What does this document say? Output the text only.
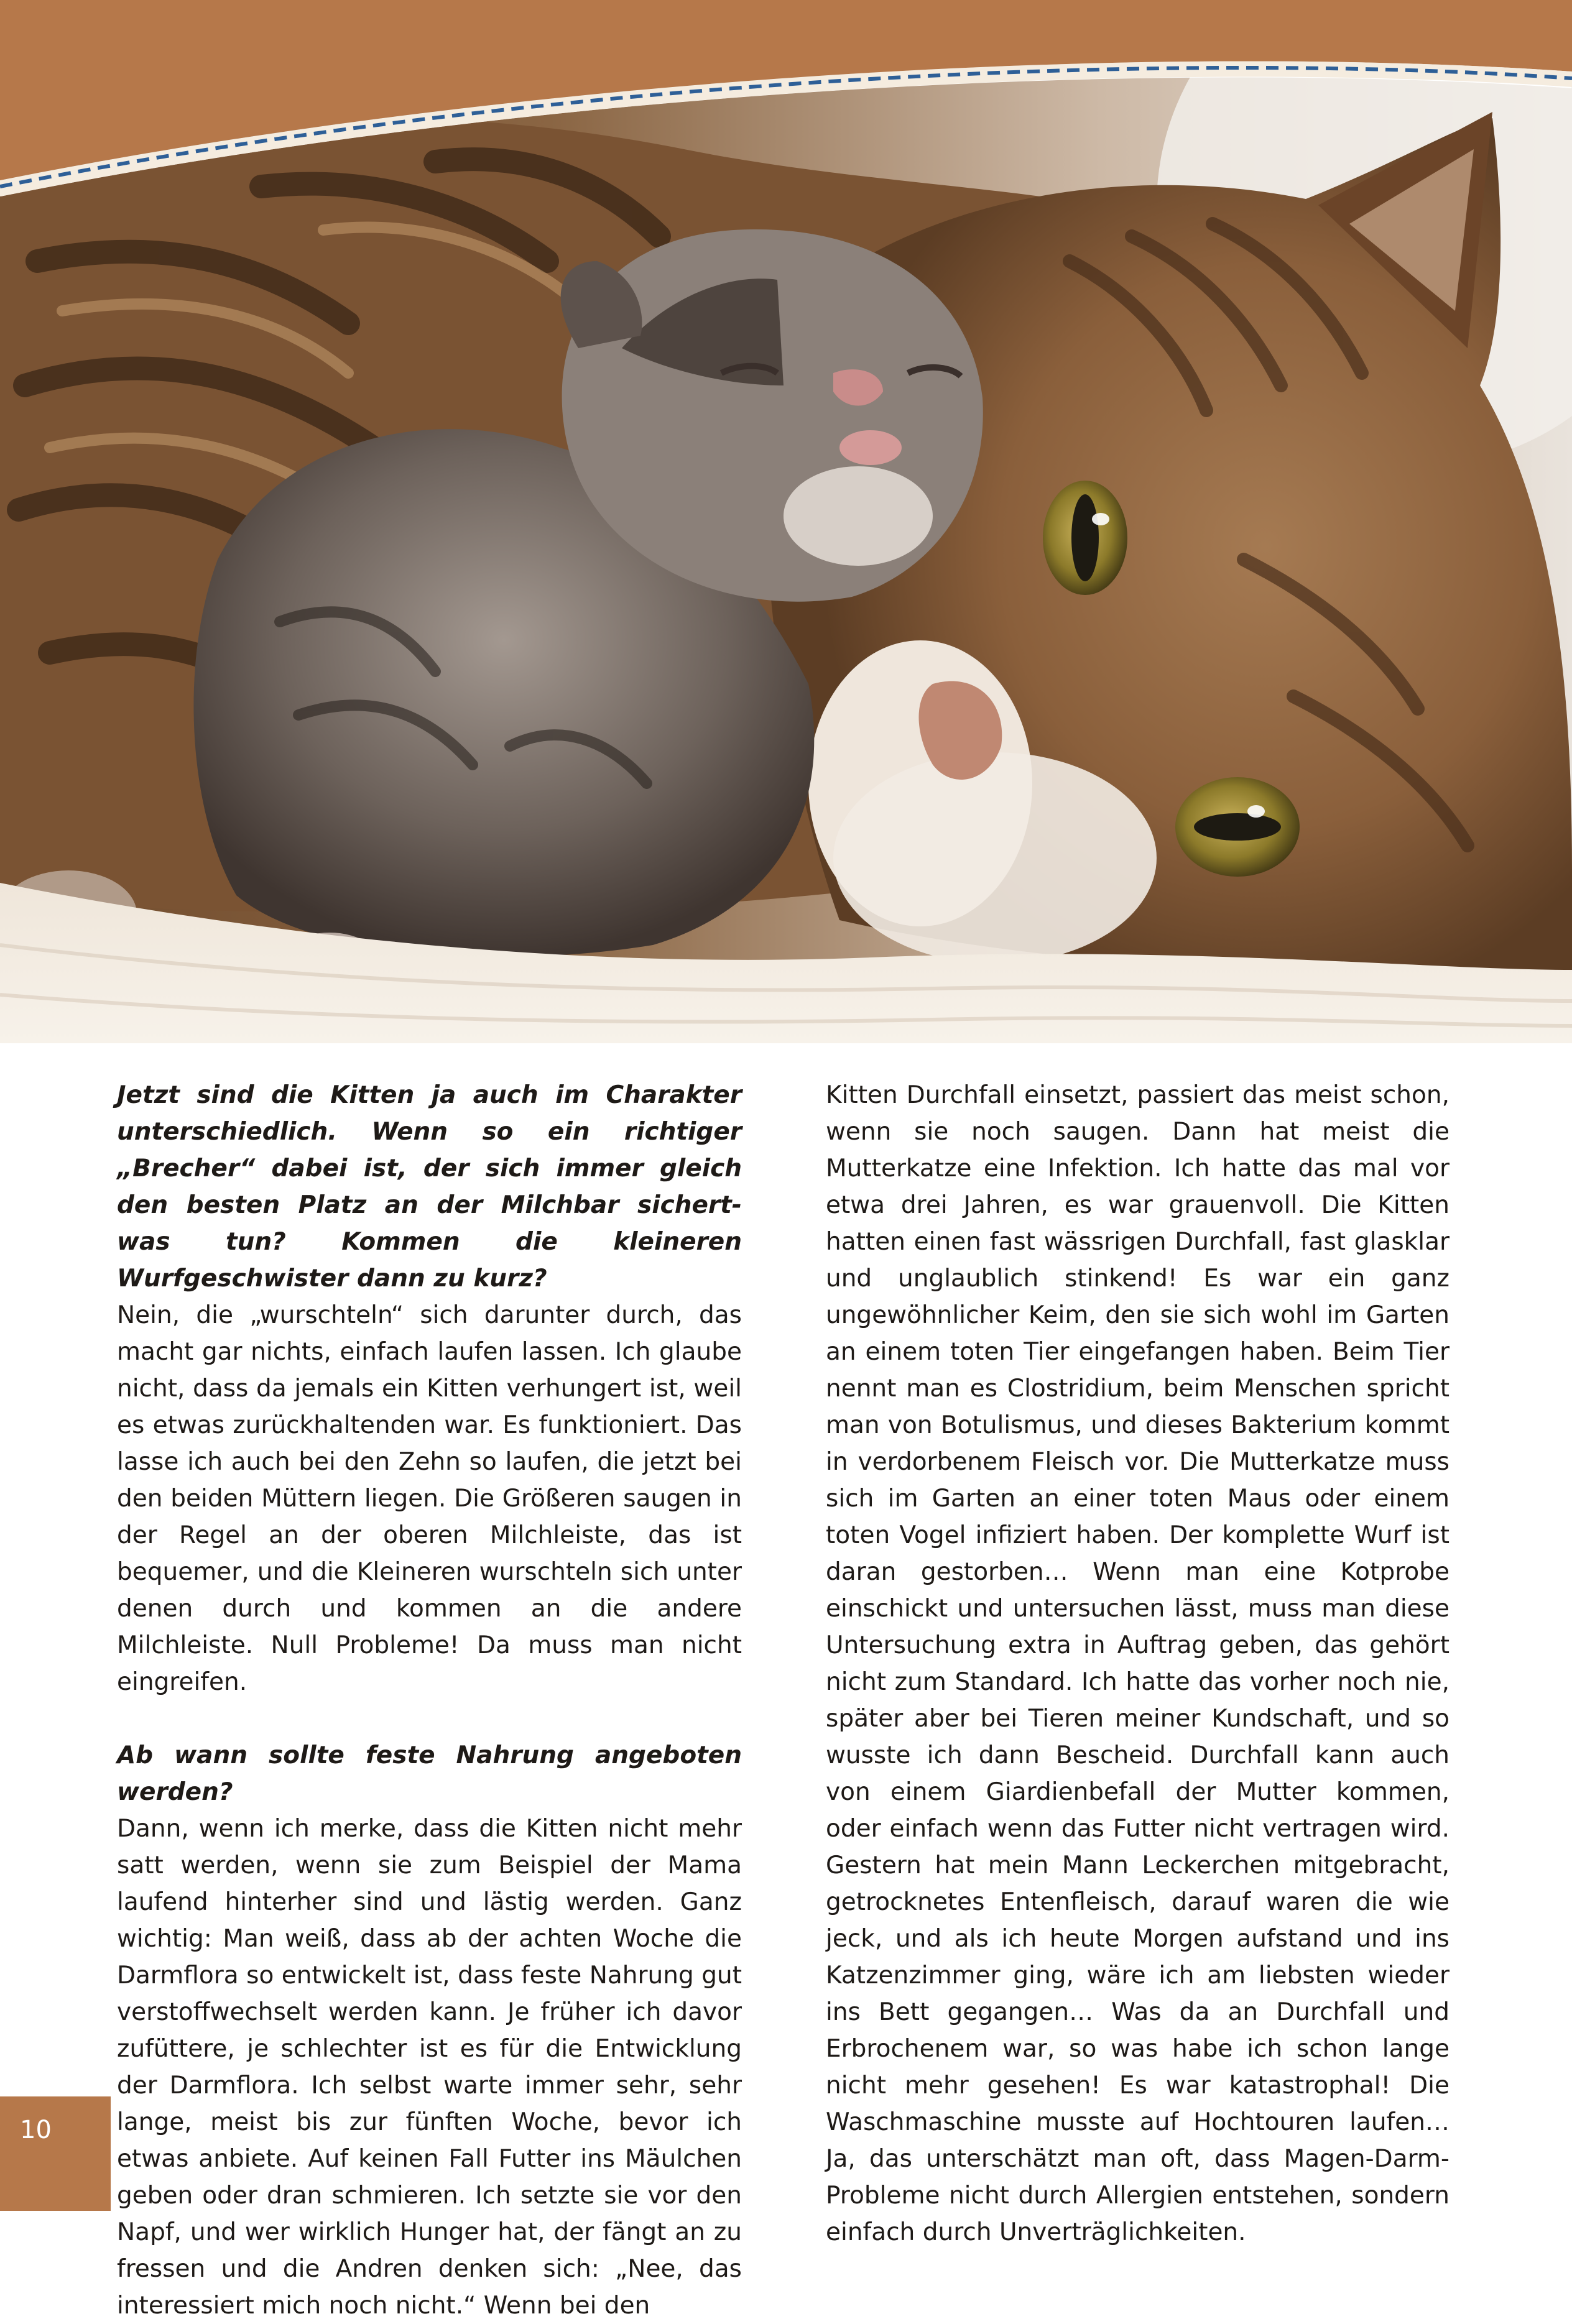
Jetzt sind die Kitten ja auch im Charakter unterschiedlich. Wenn so ein richtiger „Brecher“ dabei ist, der sich immer gleich den besten Platz an der Milchbar sichert- was tun? Kommen die kleineren Wurfgeschwister dann zu kurz?

Nein, die „wurschteln“ sich darunter durch, das macht gar nichts, einfach laufen lassen. Ich glaube nicht, dass da jemals ein Kitten verhungert ist, weil es etwas zurückhaltenden war. Es funktioniert. Das lasse ich auch bei den Zehn so laufen, die jetzt bei den beiden Müttern liegen. Die Größeren saugen in der Regel an der oberen Milchleiste, das ist bequemer, und die Kleineren wurschteln sich unter denen durch und kommen an die andere Milchleiste. Null Probleme! Da muss man nicht eingreifen.

Ab wann sollte feste Nahrung angeboten werden?

Dann, wenn ich merke, dass die Kitten nicht mehr satt werden, wenn sie zum Beispiel der Mama laufend hinterher sind und lästig werden. Ganz wichtig: Man weiß, dass ab der achten Woche die Darmflora so entwickelt ist, dass feste Nahrung gut verstoffwechselt werden kann. Je früher ich davor zufüttere, je schlechter ist es für die Entwicklung der Darmflora. Ich selbst warte immer sehr, sehr lange, meist bis zur fünften Woche, bevor ich etwas anbiete. Auf keinen Fall Futter ins Mäulchen geben oder dran schmieren. Ich setzte sie vor den Napf, und wer wirklich Hunger hat, der fängt an zu fressen und die Andren denken sich: „Nee, das interessiert mich noch nicht.“ Wenn bei den

Kitten Durchfall einsetzt, passiert das meist schon, wenn sie noch saugen. Dann hat meist die Mutterkatze eine Infektion. Ich hatte das mal vor etwa drei Jahren, es war grauenvoll. Die Kitten hatten einen fast wässrigen Durchfall, fast glasklar und unglaublich stinkend! Es war ein ganz ungewöhnlicher Keim, den sie sich wohl im Garten an einem toten Tier eingefangen haben. Beim Tier nennt man es Clostridium, beim Menschen spricht man von Botulismus, und dieses Bakterium kommt in verdorbenem Fleisch vor. Die Mutterkatze muss sich im Garten an einer toten Maus oder einem toten Vogel infiziert haben. Der komplette Wurf ist daran gestorben… Wenn man eine Kotprobe einschickt und untersuchen lässt, muss man diese Untersuchung extra in Auftrag geben, das gehört nicht zum Standard. Ich hatte das vorher noch nie, später aber bei Tieren meiner Kundschaft, und so wusste ich dann Bescheid. Durchfall kann auch von einem Giardienbefall der Mutter kommen, oder einfach wenn das Futter nicht vertragen wird. Gestern hat mein Mann Leckerchen mitgebracht, getrocknetes Entenfleisch, darauf waren die wie jeck, und als ich heute Morgen aufstand und ins Katzenzimmer ging, wäre ich am liebsten wieder ins Bett gegangen… Was da an Durchfall und Erbrochenem war, so was habe ich schon lange nicht mehr gesehen! Es war katastrophal! Die Waschmaschine musste auf Hochtouren laufen… Ja, das unterschätzt man oft, dass Magen-Darm-Probleme nicht durch Allergien entstehen, sondern einfach durch Unverträglichkeiten.

10
